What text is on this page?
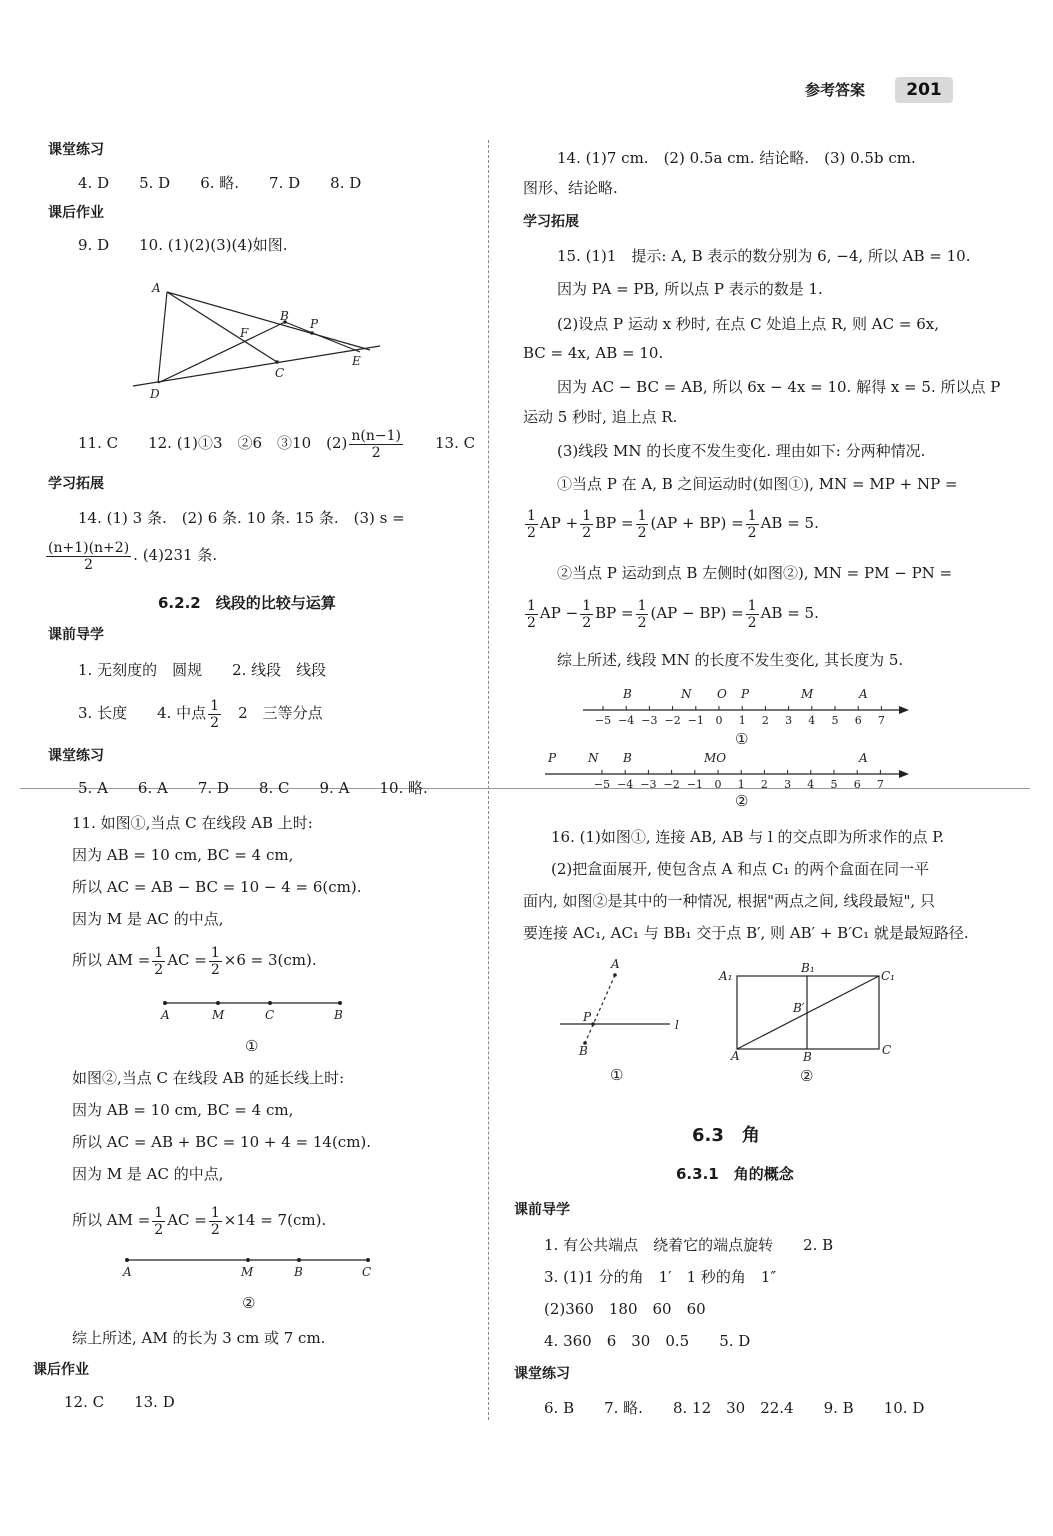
参考答案	201
课堂练习
4. D　　5. D　　6. 略.　　7. D　　8. D
课后作业
9. D　　10. (1)(2)(3)(4)如图.
A
B
P
F
E
C
D
11. C　　12. (1)①3　②6　③10　$(2) \frac{n(n-1)}{2}$ 　　13. C
学习拓展
14. (1) 3 条.　(2) 6 条. 10 条. 15 条.　(3) s =
$\frac{(n+1)(n+2)}{2}$ . (4)231 条.
6.2.2　线段的比较与运算
课前导学
1. 无刻度的　圆规　　2. 线段　线段
3. 长度　　4. 中点 $\frac{1}{2}$ 　2　三等分点
课堂练习
5. A　　6. A　　7. D　　8. C　　9. A　　10. 略.
11. 如图①,当点 C 在线段 AB 上时:
因为 AB = 10 cm, BC = 4 cm,
所以 AC = AB − BC = 10 − 4 = 6(cm).
因为 M 是 AC 的中点,
所以 AM = $\frac{1}{2}$ AC = $\frac{1}{2} \times 6 = 3(cm)$.
A	M	C	B
①
如图②,当点 C 在线段 AB 的延长线上时:
因为 AB = 10 cm, BC = 4 cm,
所以 AC = AB + BC = 10 + 4 = 14(cm).
因为 M 是 AC 的中点,
所以 AM = $\frac{1}{2}$ AC = $\frac{1}{2} \times 14 = 7(cm)$.
A	M	B	C
②
综上所述, AM 的长为 3 cm 或 7 cm.
课后作业
12. C　　13. D
14. (1)7 cm.　(2) 0.5a cm. 结论略.　(3) 0.5b cm.
图形、结论略.
学习拓展
15. (1)1　提示: A, B 表示的数分别为 6, −4, 所以 AB = 10.
因为 PA = PB, 所以点 P 表示的数是 1.
(2)设点 P 运动 x 秒时, 在点 C 处追上点 R, 则 AC = 6x,
BC = 4x, AB = 10.
因为 AC − BC = AB, 所以 6x − 4x = 10. 解得 x = 5. 所以点 P
运动 5 秒时, 追上点 R.
(3)线段 MN 的长度不发生变化. 理由如下: 分两种情况.
①当点 P 在 A, B 之间运动时(如图①), MN = MP + NP =
$\frac{1}{2}$ AP + $\frac{1}{2}$ BP = $\frac{1}{2} (AP + BP) = \frac{1}{2}$ AB = 5.
②当点 P 运动到点 B 左侧时(如图②), MN = PM − PN =
$\frac{1}{2}$ AP − $\frac{1}{2}$ BP = $\frac{1}{2} (AP - BP) = \frac{1}{2}$ AB = 5.
综上所述, 线段 MN 的长度不发生变化, 其长度为 5.
−5 −4 −3 −2 −1 0 1 2 3 4 5 6 7
B	N O P	M	A
①
−5 −4 −3 −2 −1 0 1 2 3 4 5 6 7
P	N B	MO	A
②
16. (1)如图①, 连接 AB, AB 与 l 的交点即为所求作的点 P.
(2)把盒面展开, 使包含点 A 和点 C₁ 的两个盒面在同一平
面内, 如图②是其中的一种情况, 根据"两点之间, 线段最短", 只
要连接 AC₁, AC₁ 与 BB₁ 交于点 B′, 则 AB′ + B′C₁ 就是最短路径.
A
P
B
l
①
A₁
B₁
C₁
B′
A	B	C
②
6.3　角
6.3.1　角的概念
课前导学
1. 有公共端点　绕着它的端点旋转　　2. B
3. (1)1 分的角　1′　1 秒的角　1″
(2)360　180　60　60
4. 360　6　30　0.5　　5. D
课堂练习
6. B　　7. 略.　　8. 12　30　22.4　　9. B　　10. D
